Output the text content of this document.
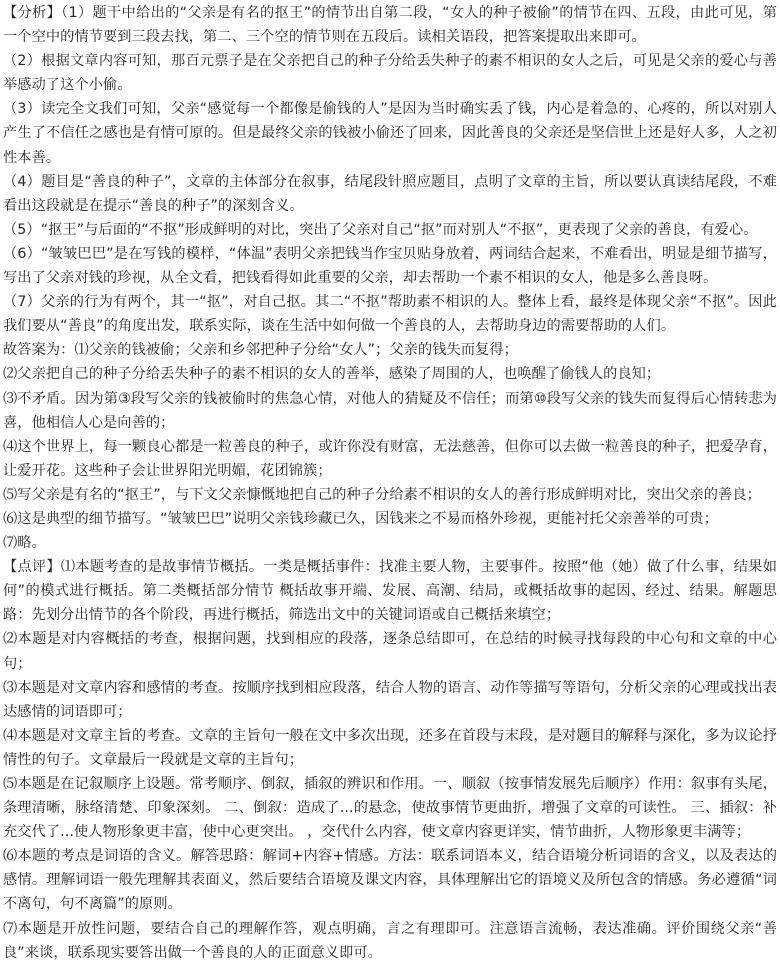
【分析】（1）题干中给出的“父亲是有名的抠王”的情节出自第二段，“女人的种子被偷”的情节在四、五段，由此可见，第一个空中的情节要到三段去找，第二、三个空的情节则在五段后。读相关语段，把答案提取出来即可。

（2）根据文章内容可知，那百元票子是在父亲把自己的种子分给丢失种子的素不相识的女人之后，可见是父亲的爱心与善举感动了这个小偷。

（3）读完全文我们可知，父亲“感觉每一个都像是偷钱的人”是因为当时确实丢了钱，内心是着急的、心疼的，所以对别人产生了不信任之感也是有情可原的。但是最终父亲的钱被小偷还了回来，因此善良的父亲还是坚信世上还是好人多，人之初性本善。

（4）题目是“善良的种子”，文章的主体部分在叙事，结尾段针照应题目，点明了文章的主旨，所以要认真读结尾段，不难看出这段就是在提示“善良的种子”的深刻含义。

（5）“抠王”与后面的“不抠”形成鲜明的对比，突出了父亲对自己“抠”而对别人“不抠”，更表现了父亲的善良，有爱心。

（6）“皱皱巴巴”是在写钱的模样，“体温”表明父亲把钱当作宝贝贴身放着，两词结合起来，不难看出，明显是细节描写，写出了父亲对钱的珍视，从全文看，把钱看得如此重要的父亲，却去帮助一个素不相识的女人，他是多么善良呀。

（7）父亲的行为有两个，其一“抠”，对自己抠。其二“不抠”帮助素不相识的人。整体上看，最终是体现父亲“不抠”。因此我们要从“善良”的角度出发，联系实际，谈在生活中如何做一个善良的人，去帮助身边的需要帮助的人们。

故答案为：⑴父亲的钱被偷；父亲和乡邻把种子分给“女人”；父亲的钱失而复得；

⑵父亲把自己的种子分给丢失种子的素不相识的女人的善举，感染了周围的人，也唤醒了偷钱人的良知；

⑶不矛盾。因为第③段写父亲的钱被偷时的焦急心情，对他人的猜疑及不信任；而第⑩段写父亲的钱失而复得后心情转悲为喜，他相信人心是向善的；

⑷这个世界上，每一颗良心都是一粒善良的种子，或许你没有财富，无法慈善，但你可以去做一粒善良的种子，把爱孕育，让爱开花。这些种子会让世界阳光明媚，花团锦簇；

⑸写父亲是有名的“抠王”，与下文父亲慷慨地把自己的种子分给素不相识的女人的善行形成鲜明对比，突出父亲的善良；

⑹这是典型的细节描写。“皱皱巴巴”说明父亲钱珍藏已久，因钱来之不易而格外珍视，更能衬托父亲善举的可贵；

⑺略。

【点评】⑴本题考查的是故事情节概括。一类是概括事件：找准主要人物，主要事件。按照“他（她）做了什么事，结果如何”的模式进行概括。第二类概括部分情节 概括故事开端、发展、高潮、结局，或概括故事的起因、经过、结果。解题思路：先划分出情节的各个阶段，再进行概括，筛选出文中的关键词语或自己概括来填空；

⑵本题是对内容概括的考查，根据问题，找到相应的段落，逐条总结即可，在总结的时候寻找每段的中心句和文章的中心句；

⑶本题是对文章内容和感情的考查。按顺序找到相应段落，结合人物的语言、动作等描写等语句，分析父亲的心理或找出表达感情的词语即可；

⑷本题是对文章主旨的考查。文章的主旨句一般在文中多次出现，还多在首段与末段，是对题目的解释与深化，多为议论抒情性的句子。文章最后一段就是文章的主旨句；

⑸本题是在记叙顺序上设题。常考顺序、倒叙，插叙的辨识和作用。一、顺叙（按事情发展先后顺序）作用：叙事有头尾，条理清晰，脉络清楚、印象深刻。 二、倒叙：造成了...的悬念，使故事情节更曲折，增强了文章的可读性。 三、插叙：补充交代了...使人物形象更丰富，使中心更突出。 ，交代什么内容，使文章内容更详实，情节曲折，人物形象更丰满等；

⑹本题的考点是词语的含义。解答思路：解词+内容+情感。方法：联系词语本义，结合语境分析词语的含义，以及表达的感情。理解词语一般先理解其表面义，然后要结合语境及课文内容，具体理解出它的语境义及所包含的情感。务必遵循“词不离句，句不离篇”的原则。

⑺本题是开放性问题，要结合自己的理解作答，观点明确，言之有理即可。注意语言流畅，表达准确。评价围绕父亲“善良”来谈，联系现实要答出做一个善良的人的正面意义即可。
